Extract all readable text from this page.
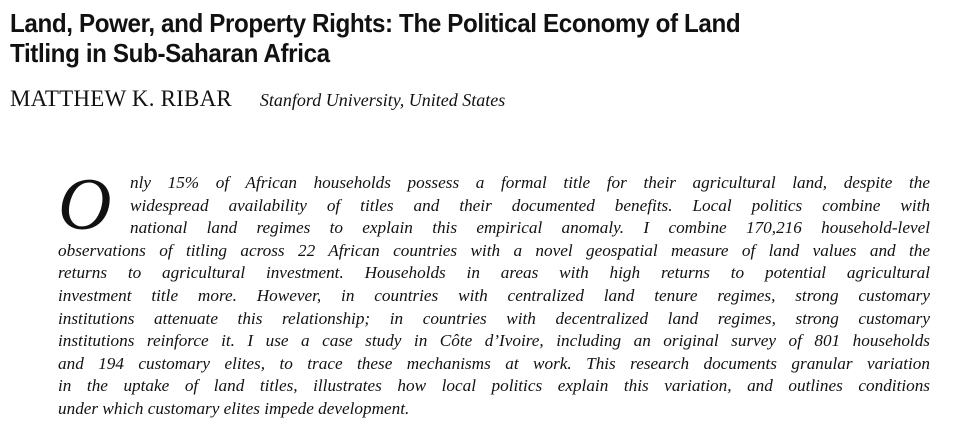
Land, Power, and Property Rights: The Political Economy of Land
Titling in Sub-Saharan Africa
MATTHEW K. RIBAR Stanford University, United States
O	nly 15% of African households possess a formal title for their agricultural land, despite the
widespread availability of titles and their documented benefits. Local politics combine with
national land regimes to explain this empirical anomaly. I combine 170,216 household-level
observations of titling across 22 African countries with a novel geospatial measure of land values and the
returns to agricultural investment. Households in areas with high returns to potential agricultural
investment title more. However, in countries with centralized land tenure regimes, strong customary
institutions attenuate this relationship; in countries with decentralized land regimes, strong customary
institutions reinforce it. I use a case study in Côte d’Ivoire, including an original survey of 801 households
and 194 customary elites, to trace these mechanisms at work. This research documents granular variation
in the uptake of land titles, illustrates how local politics explain this variation, and outlines conditions
under which customary elites impede development.
